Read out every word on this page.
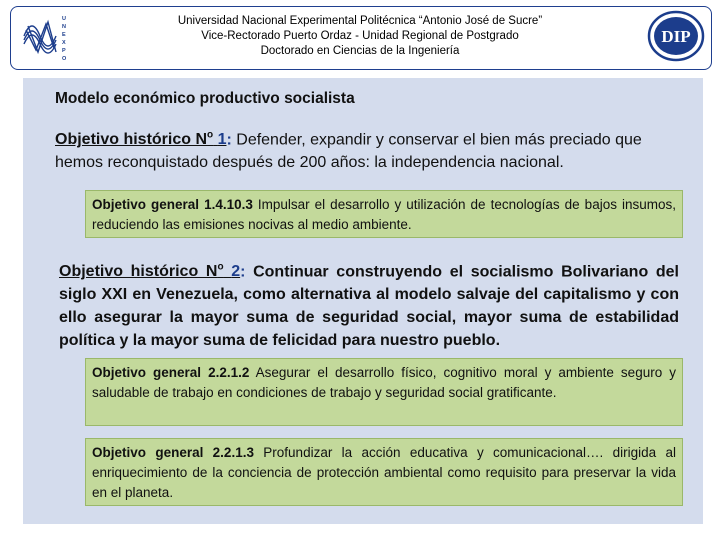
U
N
E
X
P
O
DIP
Universidad Nacional Experimental Politécnica “Antonio José de Sucre”
Vice-Rectorado Puerto Ordaz - Unidad Regional de Postgrado
Doctorado en Ciencias de la Ingeniería
Modelo económico productivo socialista
Objetivo histórico $N^o$ 1: Defender, expandir y conservar el bien más preciado que hemos reconquistado después de 200 años: la independencia nacional.
Objetivo general 1.4.10.3 Impulsar el desarrollo y utilización de tecnologías de bajos insumos, reduciendo las emisiones nocivas al medio ambiente.
Objetivo histórico $N^o$ 2: Continuar construyendo el socialismo Bolivariano del siglo XXI en Venezuela, como alternativa al modelo salvaje del capitalismo y con ello asegurar la mayor suma de seguridad social, mayor suma de estabilidad política y la mayor suma de felicidad para nuestro pueblo.
Objetivo general 2.2.1.2 Asegurar el desarrollo físico, cognitivo moral y ambiente seguro y saludable de trabajo en condiciones de trabajo y seguridad social gratificante.
Objetivo general 2.2.1.3 Profundizar la acción educativa y comunicacional…. dirigida al enriquecimiento de la conciencia de protección ambiental como requisito para preservar la vida en el planeta.
